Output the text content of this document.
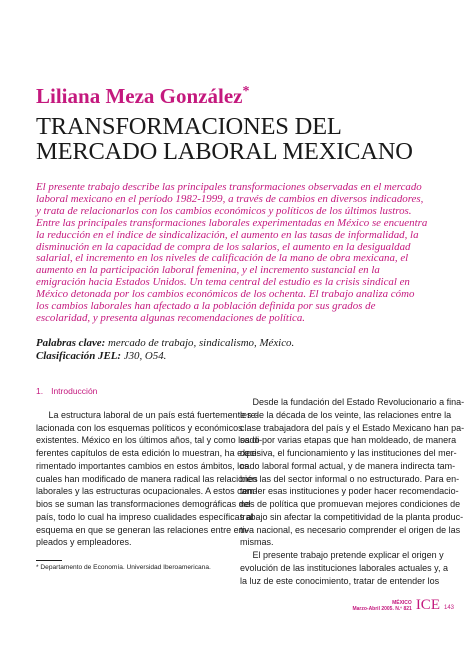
Liliana Meza González*
TRANSFORMACIONES DEL
MERCADO LABORAL MEXICANO
El presente trabajo describe las principales transformaciones observadas en el mercado
laboral mexicano en el período 1982-1999, a través de cambios en diversos indicadores,
y trata de relacionarlos con los cambios económicos y políticos de los últimos lustros.
Entre las principales transformaciones laborales experimentadas en México se encuentra
la reducción en el índice de sindicalización, el aumento en las tasas de informalidad, la
disminución en la capacidad de compra de los salarios, el aumento en la desigualdad
salarial, el incremento en los niveles de calificación de la mano de obra mexicana, el
aumento en la participación laboral femenina, y el incremento sustancial en la
emigración hacia Estados Unidos. Un tema central del estudio es la crisis sindical en
México detonada por los cambios económicos de los ochenta. El trabajo analiza cómo
los cambios laborales han afectado a la población definida por sus grados de
escolaridad, y presenta algunas recomendaciones de política.
Palabras clave: mercado de trabajo, sindicalismo, México.
Clasificación JEL: J30, O54.
1. Introducción
La estructura laboral de un país está fuertemente re-
lacionada con los esquemas políticos y económicos
existentes. México en los últimos años, tal y como los di-
ferentes capítulos de esta edición lo muestran, ha expe-
rimentado importantes cambios en estos ámbitos, los
cuales han modificado de manera radical las relaciones
laborales y las estructuras ocupacionales. A estos cam-
bios se suman las transformaciones demográficas del
país, todo lo cual ha impreso cualidades específicas al
esquema en que se generan las relaciones entre em-
pleados y empleadores.
Desde la fundación del Estado Revolucionario a fina-
les de la década de los veinte, las relaciones entre la
clase trabajadora del país y el Estado Mexicano han pa-
sado por varias etapas que han moldeado, de manera
decisiva, el funcionamiento y las instituciones del mer-
cado laboral formal actual, y de manera indirecta tam-
bién las del sector informal o no estructurado. Para en-
tender esas instituciones y poder hacer recomendacio-
nes de política que promuevan mejores condiciones de
trabajo sin afectar la competitividad de la planta produc-
tiva nacional, es necesario comprender el origen de las
mismas.
El presente trabajo pretende explicar el origen y
evolución de las instituciones laborales actuales y, a
la luz de este conocimiento, tratar de entender los
* Departamento de Economía. Universidad Iberoamericana.
MÉXICO
Marzo-Abril 2005. N.º 821 ICE 143
